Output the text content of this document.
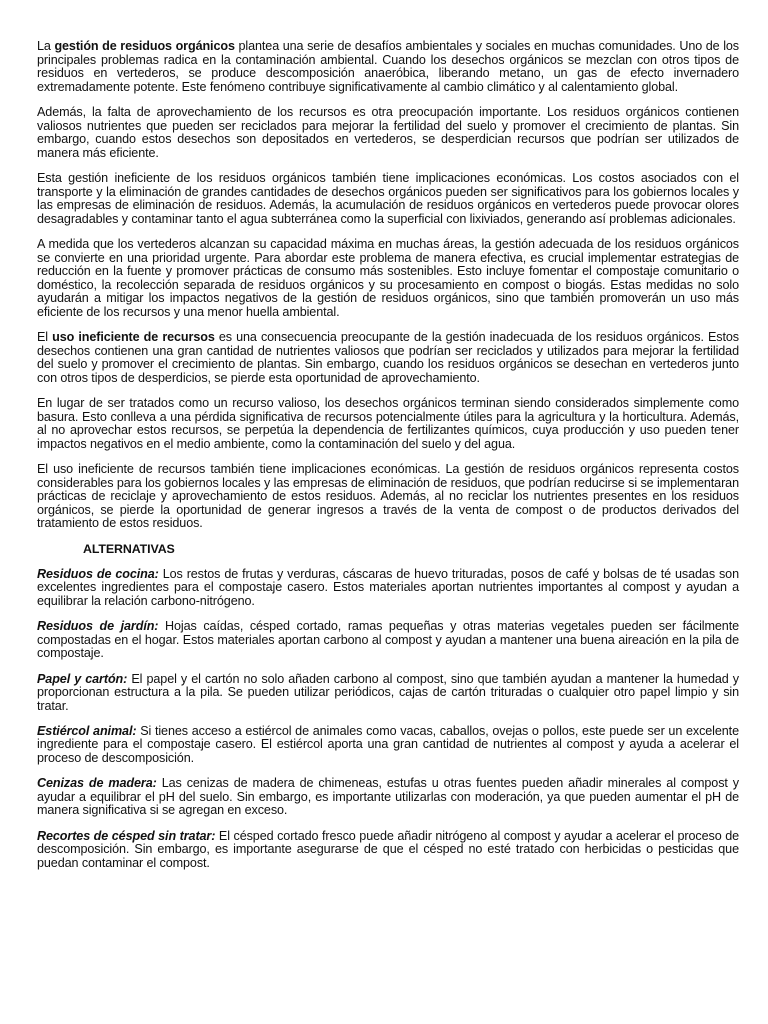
La gestión de residuos orgánicos plantea una serie de desafíos ambientales y sociales en muchas comunidades. Uno de los principales problemas radica en la contaminación ambiental. Cuando los desechos orgánicos se mezclan con otros tipos de residuos en vertederos, se produce descomposición anaeróbica, liberando metano, un gas de efecto invernadero extremadamente potente. Este fenómeno contribuye significativamente al cambio climático y al calentamiento global.

Además, la falta de aprovechamiento de los recursos es otra preocupación importante. Los residuos orgánicos contienen valiosos nutrientes que pueden ser reciclados para mejorar la fertilidad del suelo y promover el crecimiento de plantas. Sin embargo, cuando estos desechos son depositados en vertederos, se desperdician recursos que podrían ser utilizados de manera más eficiente.

Esta gestión ineficiente de los residuos orgánicos también tiene implicaciones económicas. Los costos asociados con el transporte y la eliminación de grandes cantidades de desechos orgánicos pueden ser significativos para los gobiernos locales y las empresas de eliminación de residuos. Además, la acumulación de residuos orgánicos en vertederos puede provocar olores desagradables y contaminar tanto el agua subterránea como la superficial con lixiviados, generando así problemas adicionales.

A medida que los vertederos alcanzan su capacidad máxima en muchas áreas, la gestión adecuada de los residuos orgánicos se convierte en una prioridad urgente. Para abordar este problema de manera efectiva, es crucial implementar estrategias de reducción en la fuente y promover prácticas de consumo más sostenibles. Esto incluye fomentar el compostaje comunitario o doméstico, la recolección separada de residuos orgánicos y su procesamiento en compost o biogás. Estas medidas no solo ayudarán a mitigar los impactos negativos de la gestión de residuos orgánicos, sino que también promoverán un uso más eficiente de los recursos y una menor huella ambiental.

El uso ineficiente de recursos es una consecuencia preocupante de la gestión inadecuada de los residuos orgánicos. Estos desechos contienen una gran cantidad de nutrientes valiosos que podrían ser reciclados y utilizados para mejorar la fertilidad del suelo y promover el crecimiento de plantas. Sin embargo, cuando los residuos orgánicos se desechan en vertederos junto con otros tipos de desperdicios, se pierde esta oportunidad de aprovechamiento.

En lugar de ser tratados como un recurso valioso, los desechos orgánicos terminan siendo considerados simplemente como basura. Esto conlleva a una pérdida significativa de recursos potencialmente útiles para la agricultura y la horticultura. Además, al no aprovechar estos recursos, se perpetúa la dependencia de fertilizantes químicos, cuya producción y uso pueden tener impactos negativos en el medio ambiente, como la contaminación del suelo y del agua.

El uso ineficiente de recursos también tiene implicaciones económicas. La gestión de residuos orgánicos representa costos considerables para los gobiernos locales y las empresas de eliminación de residuos, que podrían reducirse si se implementaran prácticas de reciclaje y aprovechamiento de estos residuos. Además, al no reciclar los nutrientes presentes en los residuos orgánicos, se pierde la oportunidad de generar ingresos a través de la venta de compost o de productos derivados del tratamiento de estos residuos.

ALTERNATIVAS

Residuos de cocina: Los restos de frutas y verduras, cáscaras de huevo trituradas, posos de café y bolsas de té usadas son excelentes ingredientes para el compostaje casero. Estos materiales aportan nutrientes importantes al compost y ayudan a equilibrar la relación carbono-nitrógeno.

Residuos de jardín: Hojas caídas, césped cortado, ramas pequeñas y otras materias vegetales pueden ser fácilmente compostadas en el hogar. Estos materiales aportan carbono al compost y ayudan a mantener una buena aireación en la pila de compostaje.

Papel y cartón: El papel y el cartón no solo añaden carbono al compost, sino que también ayudan a mantener la humedad y proporcionan estructura a la pila. Se pueden utilizar periódicos, cajas de cartón trituradas o cualquier otro papel limpio y sin tratar.

Estiércol animal: Si tienes acceso a estiércol de animales como vacas, caballos, ovejas o pollos, este puede ser un excelente ingrediente para el compostaje casero. El estiércol aporta una gran cantidad de nutrientes al compost y ayuda a acelerar el proceso de descomposición.

Cenizas de madera: Las cenizas de madera de chimeneas, estufas u otras fuentes pueden añadir minerales al compost y ayudar a equilibrar el pH del suelo. Sin embargo, es importante utilizarlas con moderación, ya que pueden aumentar el pH de manera significativa si se agregan en exceso.

Recortes de césped sin tratar: El césped cortado fresco puede añadir nitrógeno al compost y ayudar a acelerar el proceso de descomposición. Sin embargo, es importante asegurarse de que el césped no esté tratado con herbicidas o pesticidas que puedan contaminar el compost.
